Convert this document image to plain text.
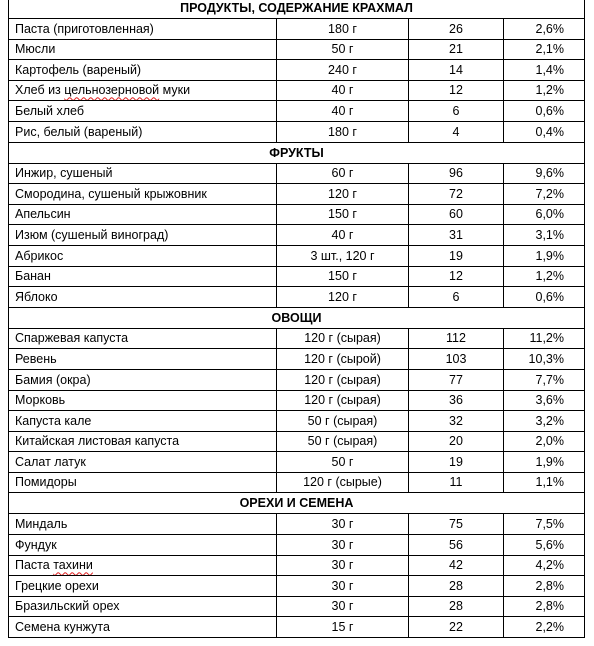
ПРОДУКТЫ, СОДЕРЖАНИЕ КРАХМАЛ			
Паста (приготовленная)	180 г	26	2,6%
Мюсли	50 г	21	2,1%
Картофель (вареный)	240 г	14	1,4%
Хлеб из цельнозерновой муки	40 г	12	1,2%
Белый хлеб	40 г	6	0,6%
Рис, белый (вареный)	180 г	4	0,4%
ФРУКТЫ			
Инжир, сушеный	60 г	96	9,6%
Смородина, сушеный крыжовник	120 г	72	7,2%
Апельсин	150 г	60	6,0%
Изюм (сушеный виноград)	40 г	31	3,1%
Абрикос	3 шт., 120 г	19	1,9%
Банан	150 г	12	1,2%
Яблоко	120 г	6	0,6%
ОВОЩИ			
Спаржевая капуста	120 г (сырая)	112	11,2%
Ревень	120 г (сырой)	103	10,3%
Бамия (окра)	120 г (сырая)	77	7,7%
Морковь	120 г (сырая)	36	3,6%
Капуста кале	50 г (сырая)	32	3,2%
Китайская листовая капуста	50 г (сырая)	20	2,0%
Салат латук	50 г	19	1,9%
Помидоры	120 г (сырые)	11	1,1%
ОРЕХИ И СЕМЕНА			
Миндаль	30 г	75	7,5%
Фундук	30 г	56	5,6%
Паста тахини	30 г	42	4,2%
Грецкие орехи	30 г	28	2,8%
Бразильский орех	30 г	28	2,8%
Семена кунжута	15 г	22	2,2%
